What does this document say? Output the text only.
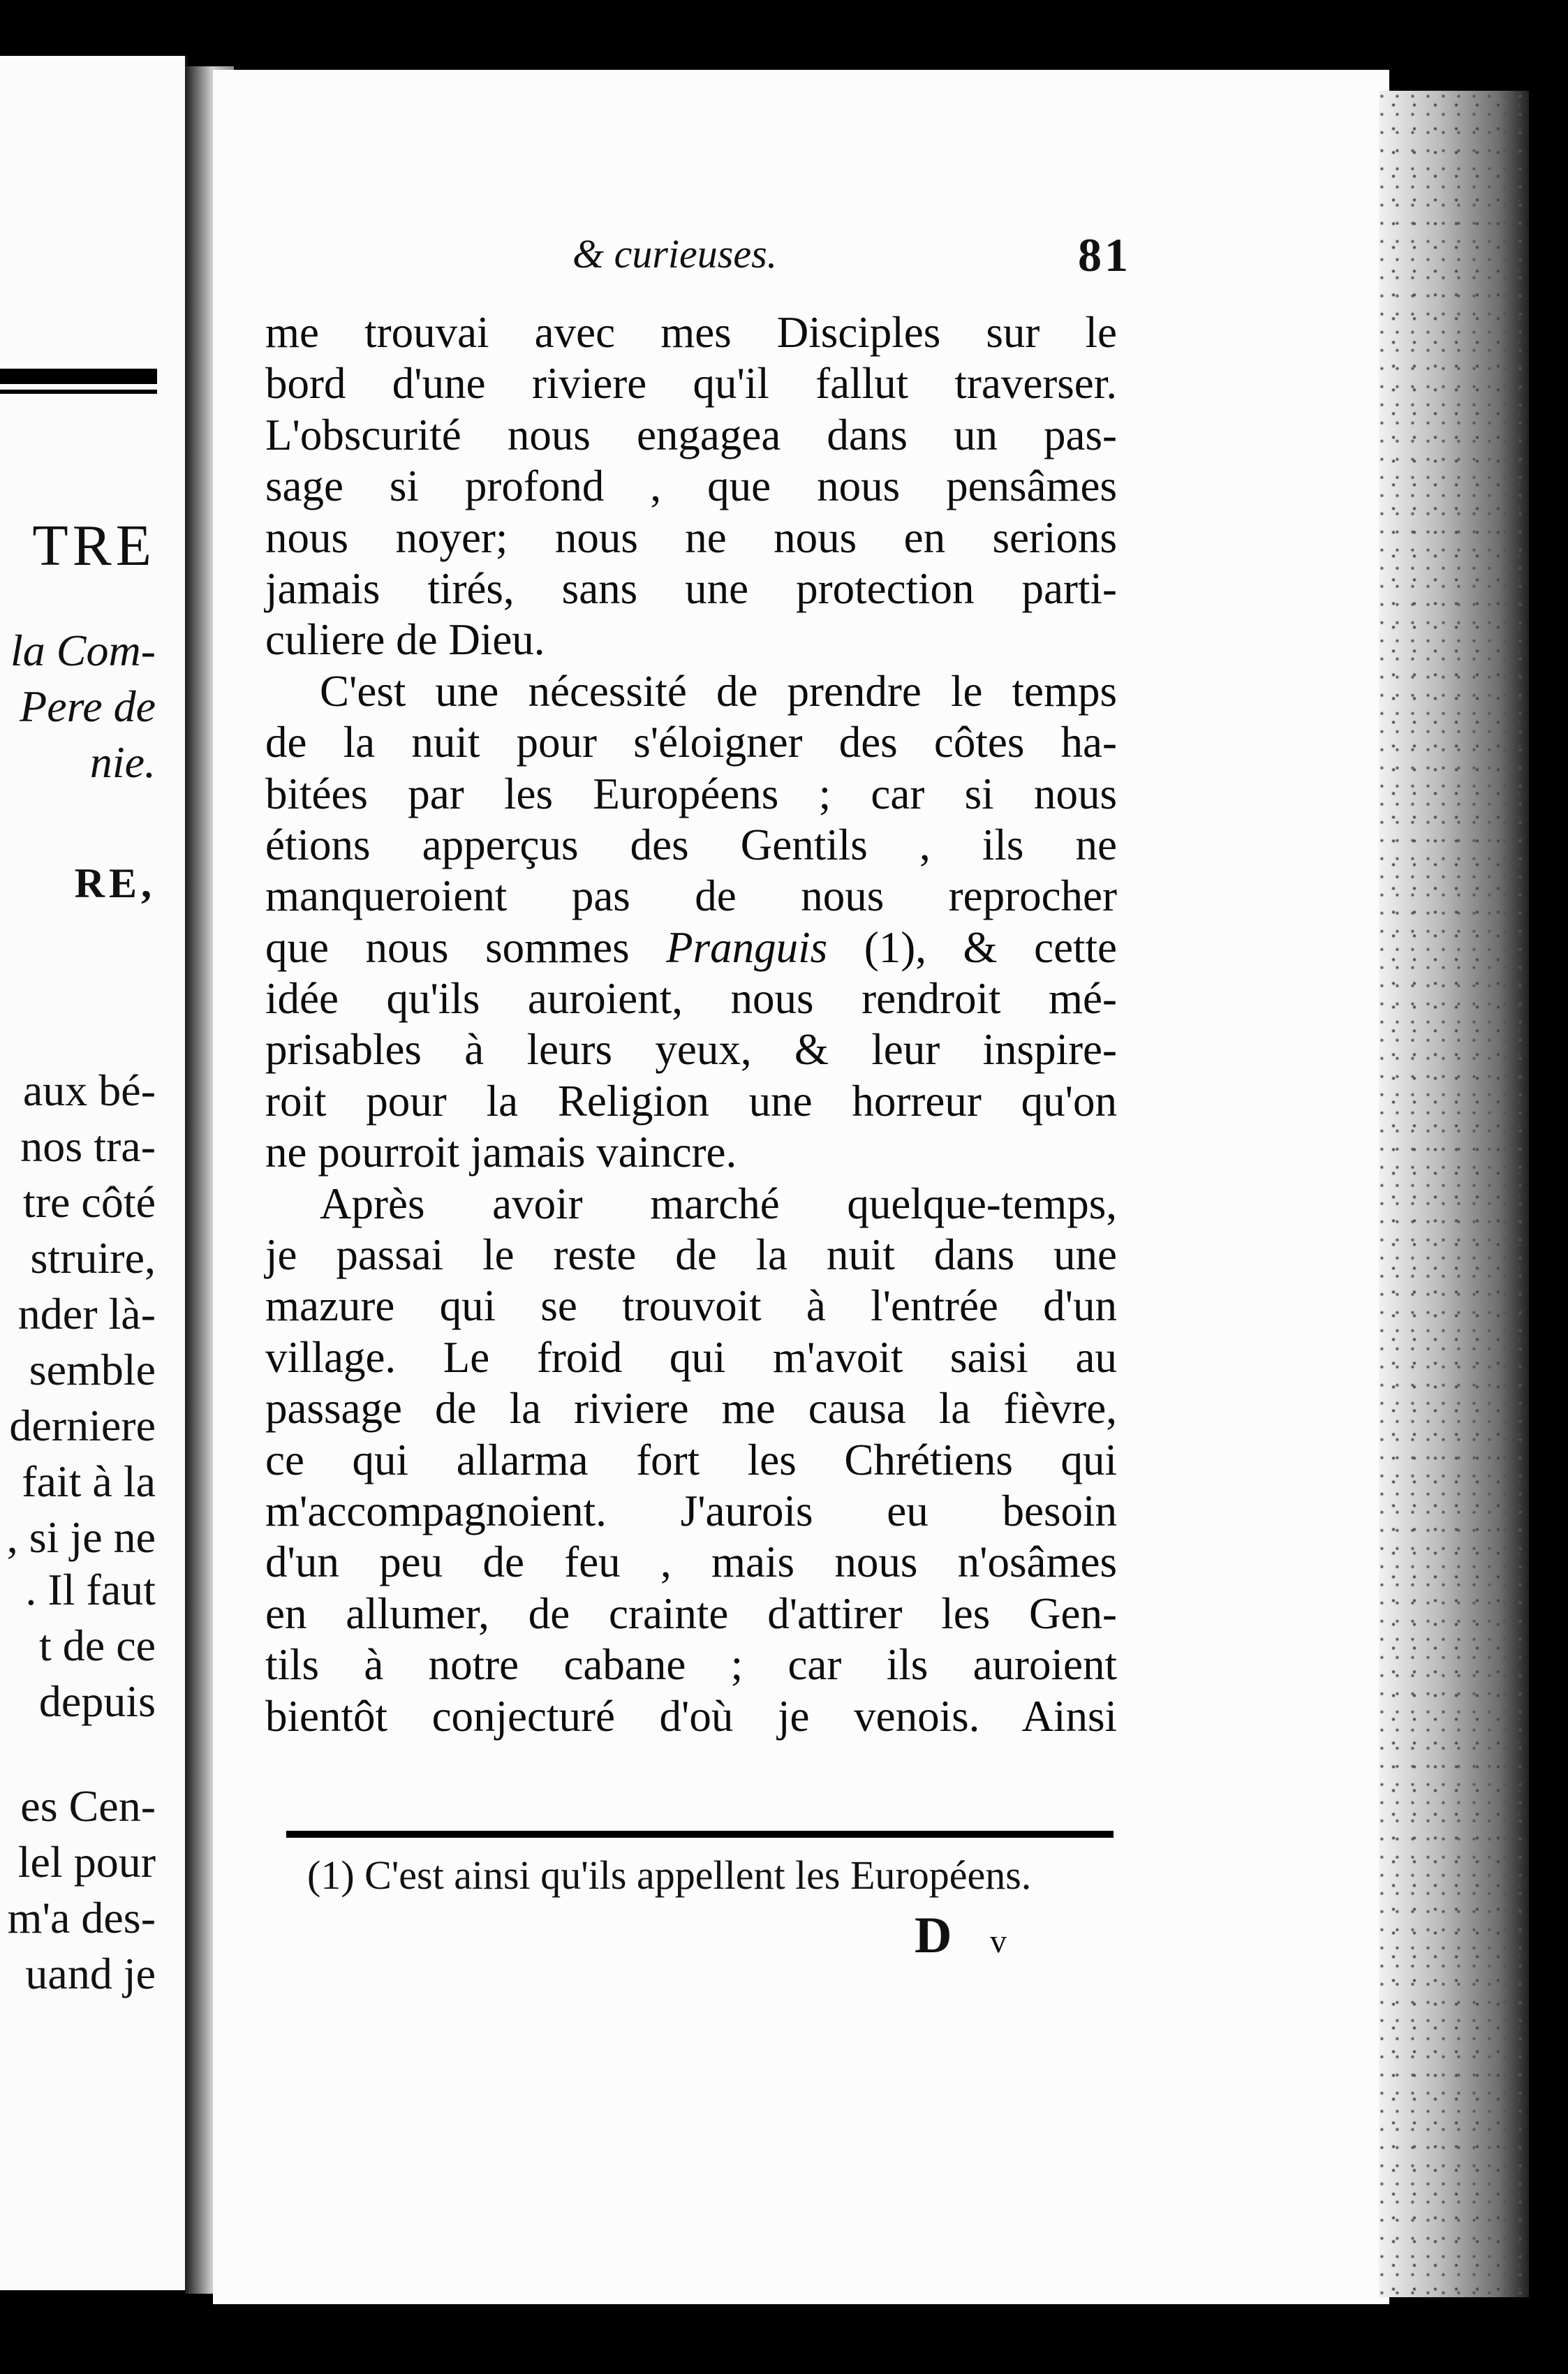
TRE
la Com-
Pere de
nie.
RE,
aux bé-
nos tra-
tre côté
struire,
nder là-
semble
derniere
fait à la
, si je ne
. Il faut
t de ce
depuis
es Cen-
lel pour
m'a des-
uand je
& curieuses.	81
me trouvai avec mes Disciples sur le
bord d'une riviere qu'il fallut traverser.
L'obscurité nous engagea dans un pas-
sage si profond , que nous pensâmes
nous noyer; nous ne nous en serions
jamais tirés, sans une protection parti-
culiere de Dieu.
C'est une nécessité de prendre le temps
de la nuit pour s'éloigner des côtes ha-
bitées par les Européens ; car si nous
étions apperçus des Gentils , ils ne
manqueroient pas de nous reprocher
que nous sommes Pranguis (1), & cette
idée qu'ils auroient, nous rendroit mé-
prisables à leurs yeux, & leur inspire-
roit pour la Religion une horreur qu'on
ne pourroit jamais vaincre.
Après avoir marché quelque-temps,
je passai le reste de la nuit dans une
mazure qui se trouvoit à l'entrée d'un
village. Le froid qui m'avoit saisi au
passage de la riviere me causa la fièvre,
ce qui allarma fort les Chrétiens qui
m'accompagnoient. J'aurois eu besoin
d'un peu de feu , mais nous n'osâmes
en allumer, de crainte d'attirer les Gen-
tils à notre cabane ; car ils auroient
bientôt conjecturé d'où je venois. Ainsi
(1) C'est ainsi qu'ils appellent les Européens.
D v
